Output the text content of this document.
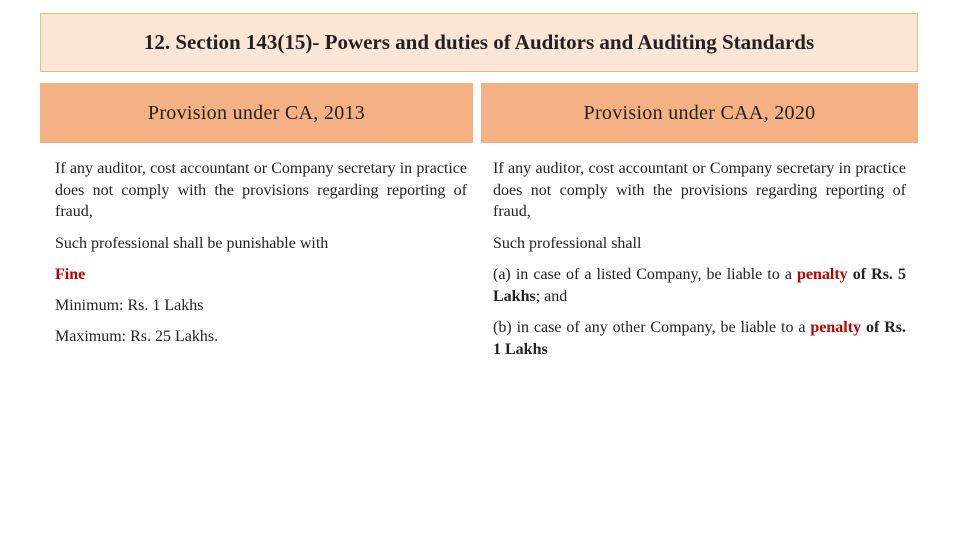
12. Section 143(15)- Powers and duties of Auditors and Auditing Standards
Provision under CA, 2013	Provision under CAA, 2020

If any auditor, cost accountant or Company secretary in practice does not comply with the provisions regarding reporting of fraud,

Such professional shall be punishable with

Fine

Minimum: Rs. 1 Lakhs

Maximum: Rs. 25 Lakhs.

If any auditor, cost accountant or Company secretary in practice does not comply with the provisions regarding reporting of fraud,

Such professional shall

(a) in case of a listed Company, be liable to a penalty of Rs. 5 Lakhs; and

(b) in case of any other Company, be liable to a penalty of Rs. 1 Lakhs
